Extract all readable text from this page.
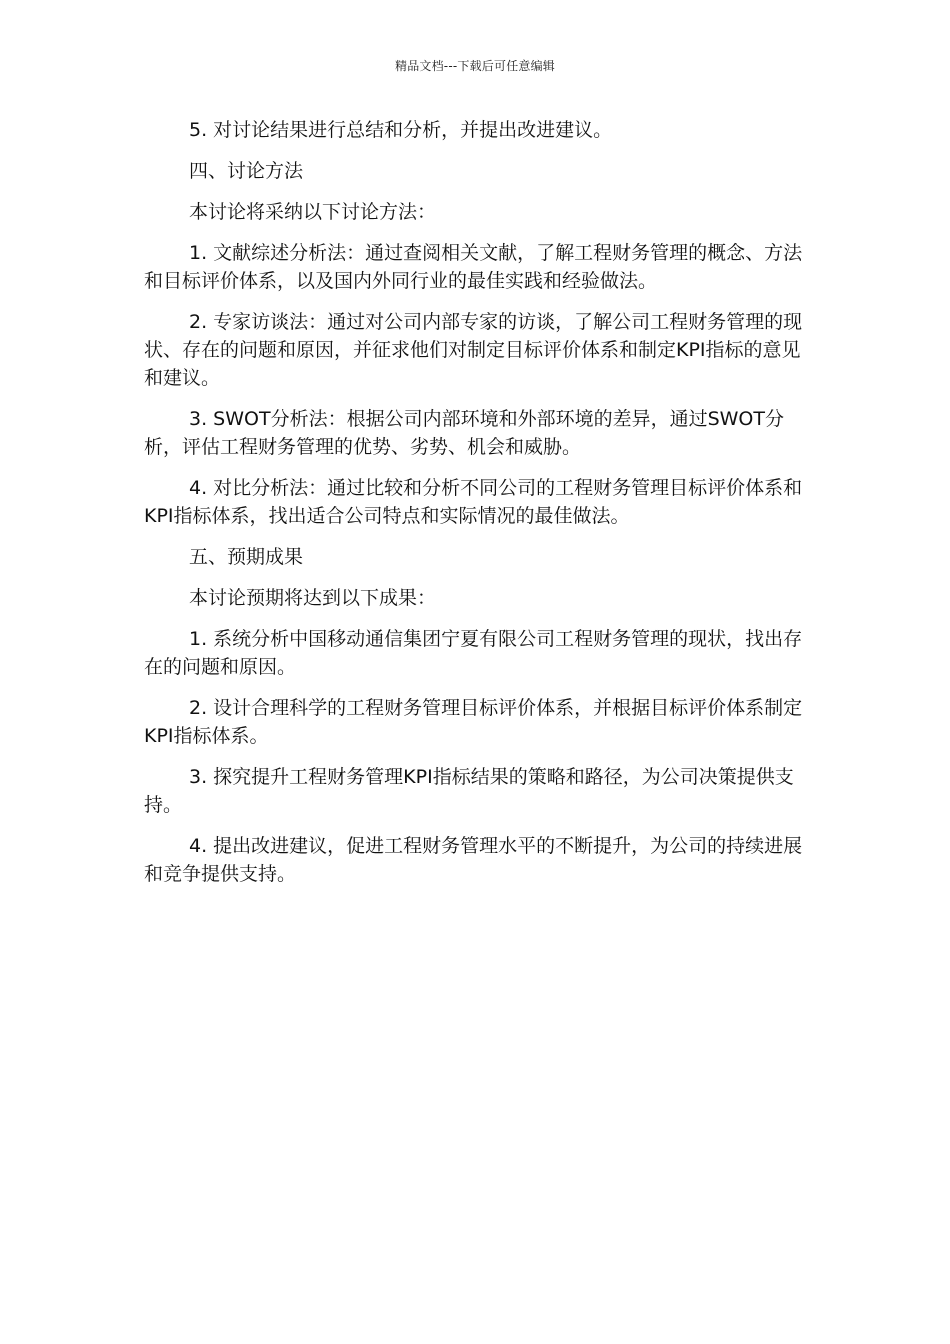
精品文档---下载后可任意编辑

5. 对讨论结果进行总结和分析，并提出改进建议。

四、讨论方法

本讨论将采纳以下讨论方法：

1. 文献综述分析法：通过查阅相关文献，了解工程财务管理的概念、方法和目标评价体系，以及国内外同行业的最佳实践和经验做法。

2. 专家访谈法：通过对公司内部专家的访谈，了解公司工程财务管理的现状、存在的问题和原因，并征求他们对制定目标评价体系和制定KPI指标的意见和建议。

3. SWOT分析法：根据公司内部环境和外部环境的差异，通过SWOT分析，评估工程财务管理的优势、劣势、机会和威胁。

4. 对比分析法：通过比较和分析不同公司的工程财务管理目标评价体系和KPI指标体系，找出适合公司特点和实际情况的最佳做法。

五、预期成果

本讨论预期将达到以下成果：

1. 系统分析中国移动通信集团宁夏有限公司工程财务管理的现状，找出存在的问题和原因。

2. 设计合理科学的工程财务管理目标评价体系，并根据目标评价体系制定KPI指标体系。

3. 探究提升工程财务管理KPI指标结果的策略和路径，为公司决策提供支持。

4. 提出改进建议，促进工程财务管理水平的不断提升，为公司的持续进展和竞争提供支持。
